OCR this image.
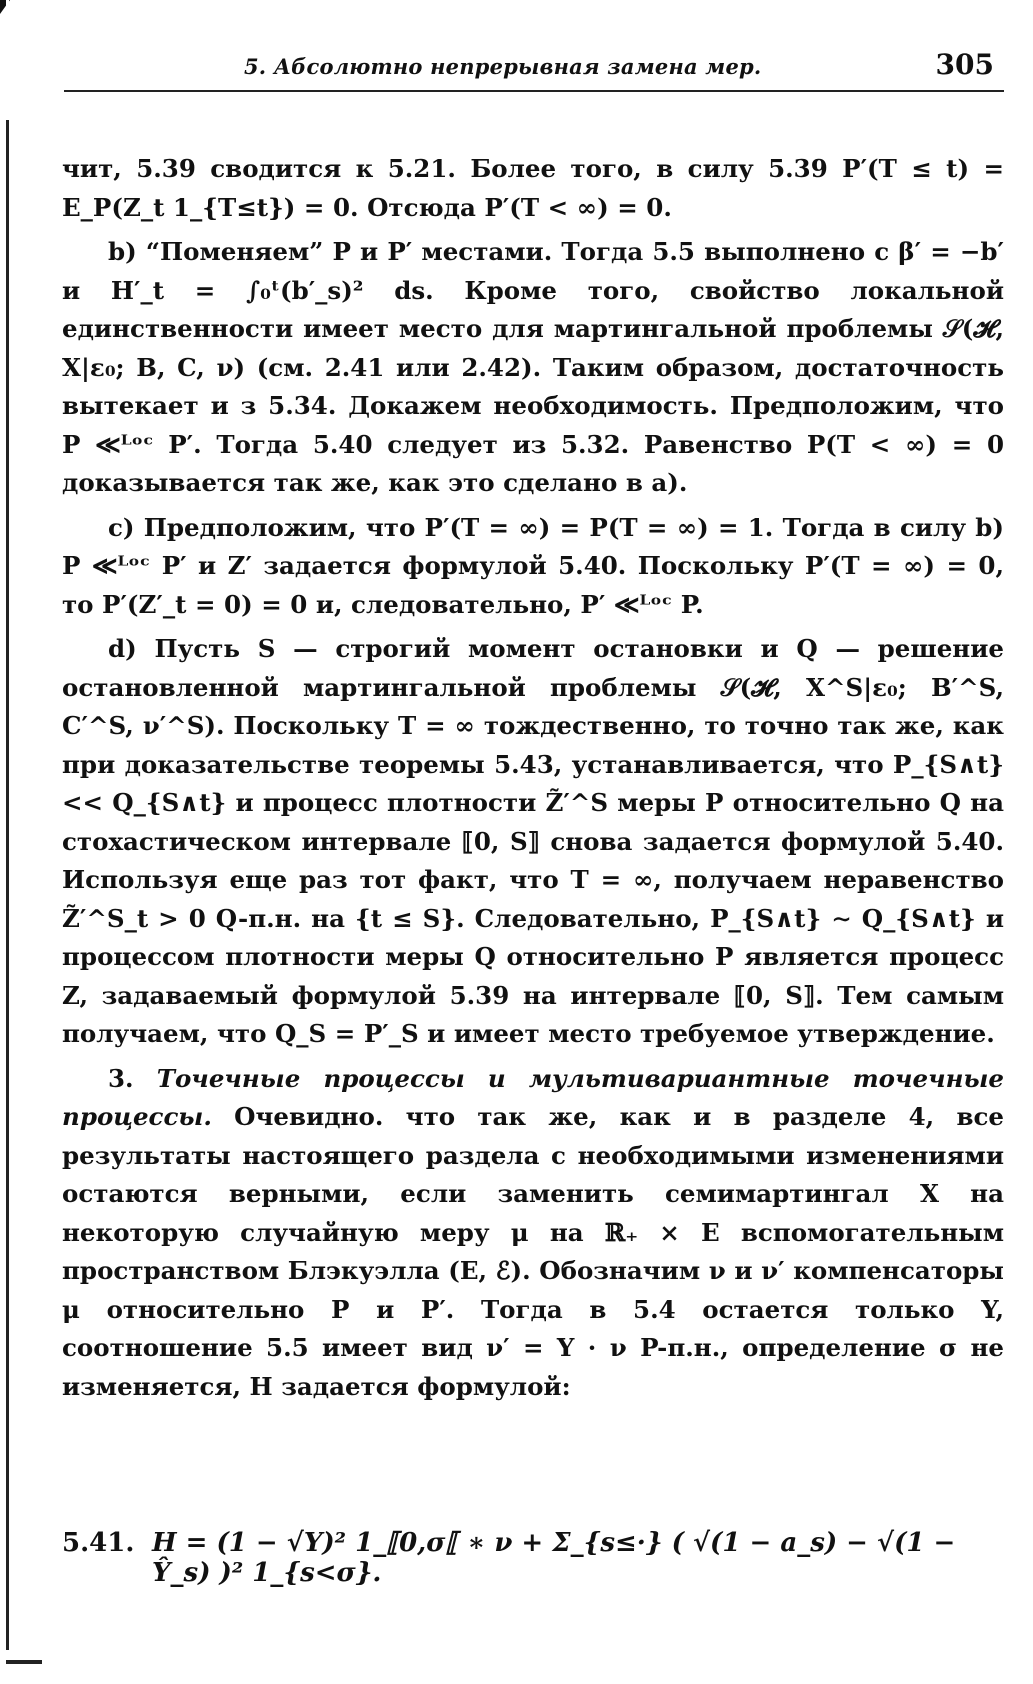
5. Абсолютно непрерывная замена мер.	305

чит, 5.39 сводится к 5.21. Более того, в силу 5.39 P′(T ≤ t) = E_P(Z_t 1_{T≤t}) = 0. Отсюда P′(T < ∞) = 0.

b) “Поменяем” P и P′ местами. Тогда 5.5 выполнено с β′ = −b′ и H′_t = ∫₀ᵗ(b′_s)² ds. Кроме того, свойство локальной единственности имеет место для мартингальной проблемы 𝒮(𝓗, X|ε₀; B, C, ν) (см. 2.41 или 2.42). Таким образом, достаточность вытекает и з 5.34. Докажем необходимость. Предположим, что P ≪ᴸᵒᶜ P′. Тогда 5.40 следует из 5.32. Равенство P(T < ∞) = 0 доказывается так же, как это сделано в a).

c) Предположим, что P′(T = ∞) = P(T = ∞) = 1. Тогда в силу b) P ≪ᴸᵒᶜ P′ и Z′ задается формулой 5.40. Поскольку P′(T = ∞) = 0, то P′(Z′_t = 0) = 0 и, следовательно, P′ ≪ᴸᵒᶜ P.

d) Пусть S — строгий момент остановки и Q — решение остановленной мартингальной проблемы 𝒮(𝓗, X^S|ε₀; B′^S, C′^S, ν′^S). Поскольку T = ∞ тождественно, то точно так же, как при доказательстве теоремы 5.43, устанавливается, что P_{S∧t} << Q_{S∧t} и процесс плотности Z̃′^S меры P относительно Q на стохастическом интервале ⟦0, S⟧ снова задается формулой 5.40. Используя еще раз тот факт, что T = ∞, получаем неравенство Z̃′^S_t > 0 Q-п.н. на {t ≤ S}. Следовательно, P_{S∧t} ∼ Q_{S∧t} и процессом плотности меры Q относительно P является процесс Z, задаваемый формулой 5.39 на интервале ⟦0, S⟧. Тем самым получаем, что Q_S = P′_S и имеет место требуемое утверждение.

3. Точечные процессы и мультивариантные точечные процессы. Очевидно. что так же, как и в разделе 4, все результаты настоящего раздела с необходимыми изменениями остаются верными, если заменить семимартингал X на некоторую случайную меру μ на ℝ₊ × E вспомогательным пространством Блэкуэлла (E, ℰ). Обозначим ν и ν′ компенсаторы μ относительно P и P′. Тогда в 5.4 остается только Y, соотношение 5.5 имеет вид ν′ = Y · ν P-п.н., определение σ не изменяется, H задается формулой:

5.41. H = (1 − √Y)² 1_⟦0,σ⟦ ∗ ν + Σ_{s≤·} ( √(1 − a_s) − √(1 − Ŷ_s) )² 1_{s<σ}.
